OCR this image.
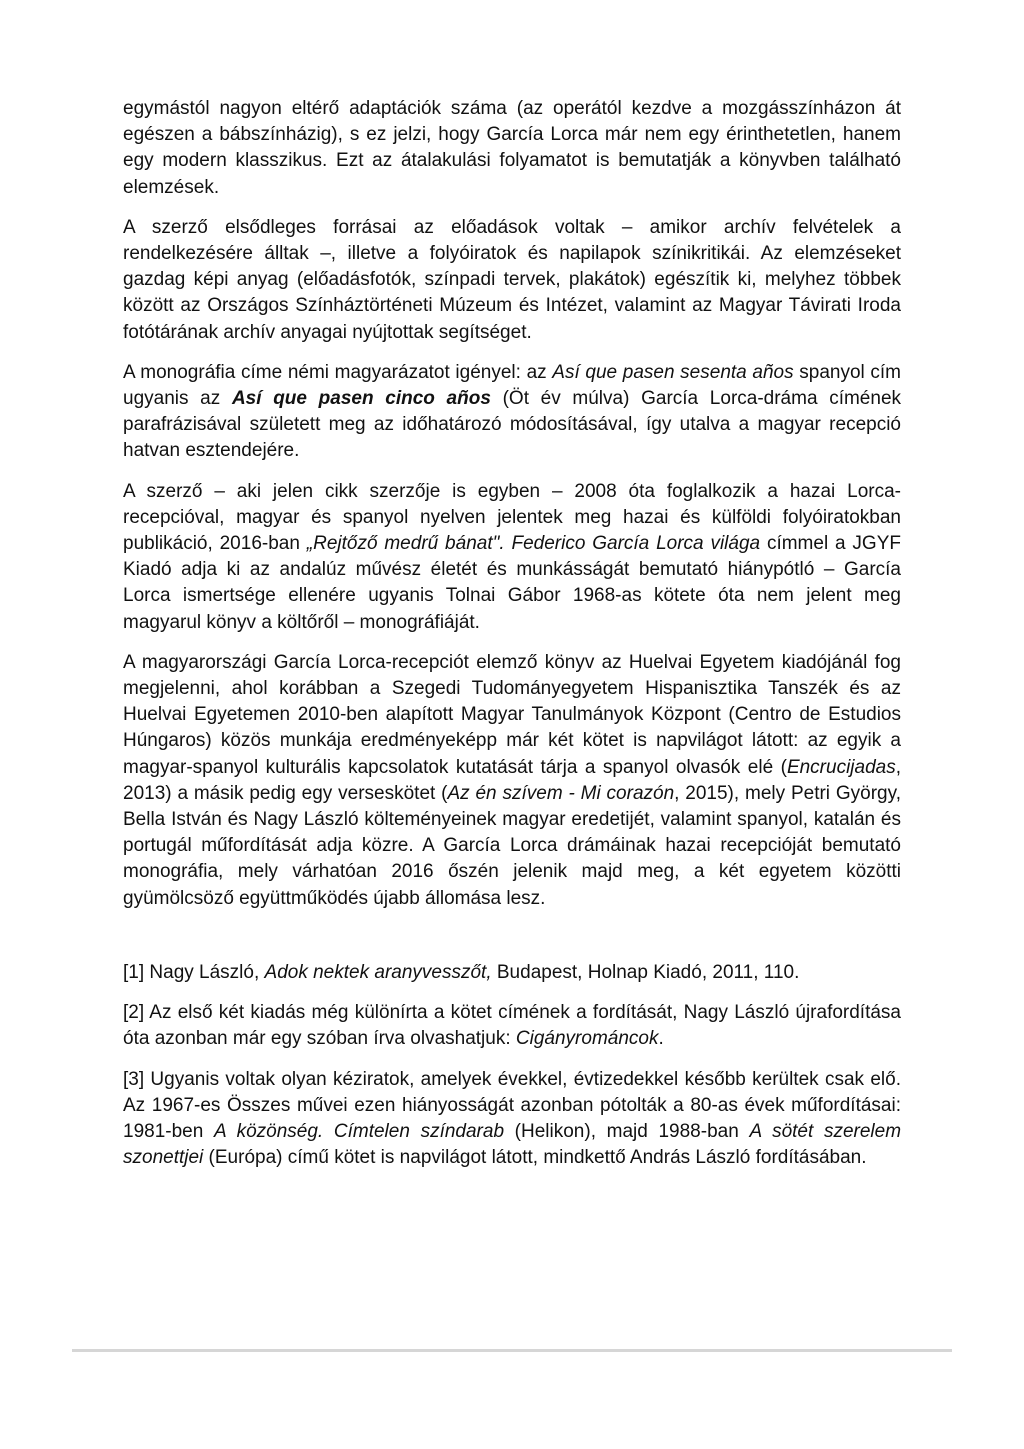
egymástól nagyon eltérő adaptációk száma (az operától kezdve a mozgásszínházon át egészen a bábszínházig), s ez jelzi, hogy García Lorca már nem egy érinthetetlen, hanem egy modern klasszikus. Ezt az átalakulási folyamatot is bemutatják a könyvben található elemzések.

A szerző elsődleges forrásai az előadások voltak – amikor archív felvételek a rendelkezésére álltak –, illetve a folyóiratok és napilapok színikritikái. Az elemzéseket gazdag képi anyag (előadásfotók, színpadi tervek, plakátok) egészítik ki, melyhez többek között az Országos Színháztörténeti Múzeum és Intézet, valamint az Magyar Távirati Iroda fotótárának archív anyagai nyújtottak segítséget.

A monográfia címe némi magyarázatot igényel: az Así que pasen sesenta años spanyol cím ugyanis az Así que pasen cinco años (Öt év múlva) García Lorca-dráma címének parafrázisával született meg az időhatározó módosításával, így utalva a magyar recepció hatvan esztendejére.

A szerző – aki jelen cikk szerzője is egyben – 2008 óta foglalkozik a hazai Lorca-recepcióval, magyar és spanyol nyelven jelentek meg hazai és külföldi folyóiratokban publikáció, 2016-ban „Rejtőző medrű bánat". Federico García Lorca világa címmel a JGYF Kiadó adja ki az andalúz művész életét és munkásságát bemutató hiánypótló – García Lorca ismertsége ellenére ugyanis Tolnai Gábor 1968-as kötete óta nem jelent meg magyarul könyv a költőről – monográfiáját.

A magyarországi García Lorca-recepciót elemző könyv az Huelvai Egyetem kiadójánál fog megjelenni, ahol korábban a Szegedi Tudományegyetem Hispanisztika Tanszék és az Huelvai Egyetemen 2010-ben alapított Magyar Tanulmányok Központ (Centro de Estudios Húngaros) közös munkája eredményeképp már két kötet is napvilágot látott: az egyik a magyar-spanyol kulturális kapcsolatok kutatását tárja a spanyol olvasók elé (Encrucijadas, 2013) a másik pedig egy verseskötet (Az én szívem - Mi corazón, 2015), mely Petri György, Bella István és Nagy László költeményeinek magyar eredetijét, valamint spanyol, katalán és portugál műfordítását adja közre. A García Lorca drámáinak hazai recepcióját bemutató monográfia, mely várhatóan 2016 őszén jelenik majd meg, a két egyetem közötti gyümölcsöző együttműködés újabb állomása lesz.

[1] Nagy László, Adok nektek aranyvesszőt, Budapest, Holnap Kiadó, 2011, 110.

[2] Az első két kiadás még különírta a kötet címének a fordítását, Nagy László újrafordítása óta azonban már egy szóban írva olvashatjuk: Cigányrománcok.

[3] Ugyanis voltak olyan kéziratok, amelyek évekkel, évtizedekkel később kerültek csak elő. Az 1967-es Összes művei ezen hiányosságát azonban pótolták a 80-as évek műfordításai: 1981-ben A közönség. Címtelen színdarab (Helikon), majd 1988-ban A sötét szerelem szonettjei (Európa) című kötet is napvilágot látott, mindkettő András László fordításában.
